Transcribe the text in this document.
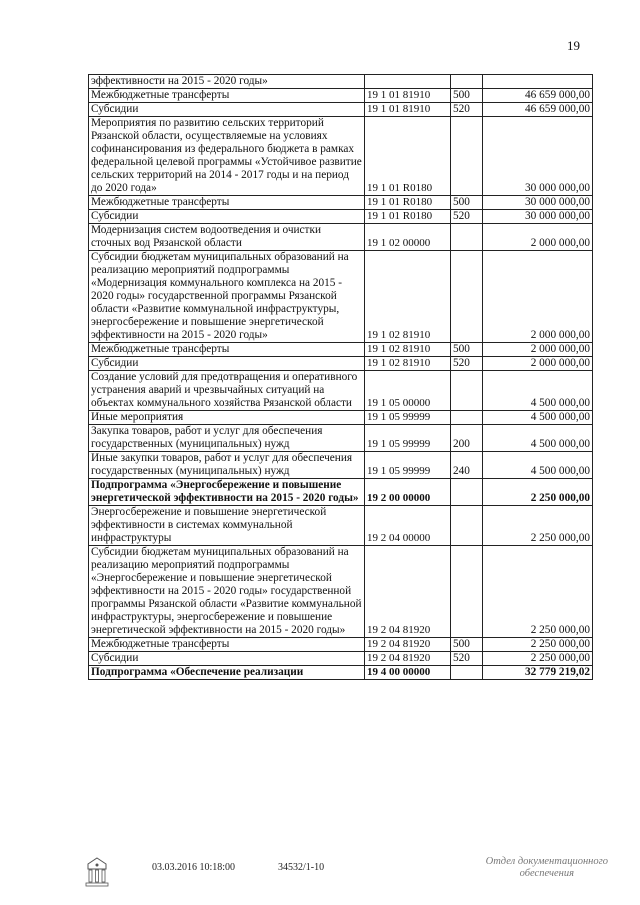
19
эффективности на 2015 - 2020 годы»			
Межбюджетные трансферты	19 1 01 81910	500	46 659 000,00
Субсидии	19 1 01 81910	520	46 659 000,00
Мероприятия по развитию сельских территорий Рязанской области, осуществляемые на условиях софинансирования из федерального бюджета в рамках федеральной целевой программы «Устойчивое развитие сельских территорий на 2014 - 2017 годы и на период до 2020 года»	19 1 01 R0180		30 000 000,00
Межбюджетные трансферты	19 1 01 R0180	500	30 000 000,00
Субсидии	19 1 01 R0180	520	30 000 000,00
Модернизация систем водоотведения и очистки сточных вод Рязанской области	19 1 02 00000		2 000 000,00
Субсидии бюджетам муниципальных образований на реализацию мероприятий подпрограммы «Модернизация коммунального комплекса на 2015 - 2020 годы» государственной программы Рязанской области «Развитие коммунальной инфраструктуры, энергосбережение и повышение энергетической эффективности на 2015 - 2020 годы»	19 1 02 81910		2 000 000,00
Межбюджетные трансферты	19 1 02 81910	500	2 000 000,00
Субсидии	19 1 02 81910	520	2 000 000,00
Создание условий для предотвращения и оперативного устранения аварий и чрезвычайных ситуаций на объектах коммунального хозяйства Рязанской области	19 1 05 00000		4 500 000,00
Иные мероприятия	19 1 05 99999		4 500 000,00
Закупка товаров, работ и услуг для обеспечения государственных (муниципальных) нужд	19 1 05 99999	200	4 500 000,00
Иные закупки товаров, работ и услуг для обеспечения государственных (муниципальных) нужд	19 1 05 99999	240	4 500 000,00
Подпрограмма «Энергосбережение и повышение энергетической эффективности на 2015 - 2020 годы»	19 2 00 00000		2 250 000,00
Энергосбережение и повышение энергетической эффективности в системах коммунальной инфраструктуры	19 2 04 00000		2 250 000,00
Субсидии бюджетам муниципальных образований на реализацию мероприятий подпрограммы «Энергосбережение и повышение энергетической эффективности на 2015 - 2020 годы» государственной программы Рязанской области «Развитие коммунальной инфраструктуры, энергосбережение и повышение энергетической эффективности на 2015 - 2020 годы»	19 2 04 81920		2 250 000,00
Межбюджетные трансферты	19 2 04 81920	500	2 250 000,00
Субсидии	19 2 04 81920	520	2 250 000,00
Подпрограмма «Обеспечение реализации	19 4 00 00000		32 779 219,02
03.03.2016 10:18:00	34532/1-10
Отдел документационного
обеспечения
